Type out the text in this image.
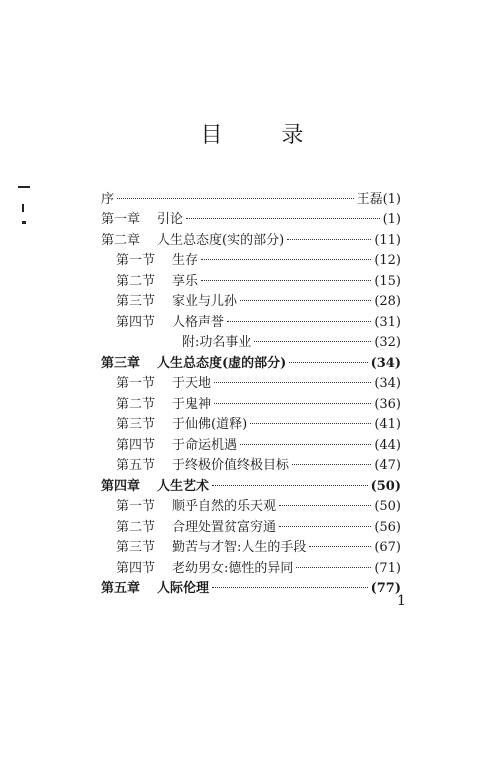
目 录
序	王磊(1)
第一章 引论	(1)
第二章 人生总态度(实的部分)	(11)
第一节 生存	(12)
第二节 享乐	(15)
第三节 家业与儿孙	(28)
第四节 人格声誉	(31)
附:功名事业	(32)
第三章 人生总态度(虚的部分)	(34)
第一节 于天地	(34)
第二节 于鬼神	(36)
第三节 于仙佛(道释)	(41)
第四节 于命运机遇	(44)
第五节 于终极价值终极目标	(47)
第四章 人生艺术	(50)
第一节 顺乎自然的乐天观	(50)
第二节 合理处置贫富穷通	(56)
第三节 勤苦与才智:人生的手段	(67)
第四节 老幼男女:德性的异同	(71)
第五章 人际伦理	(77)
1
